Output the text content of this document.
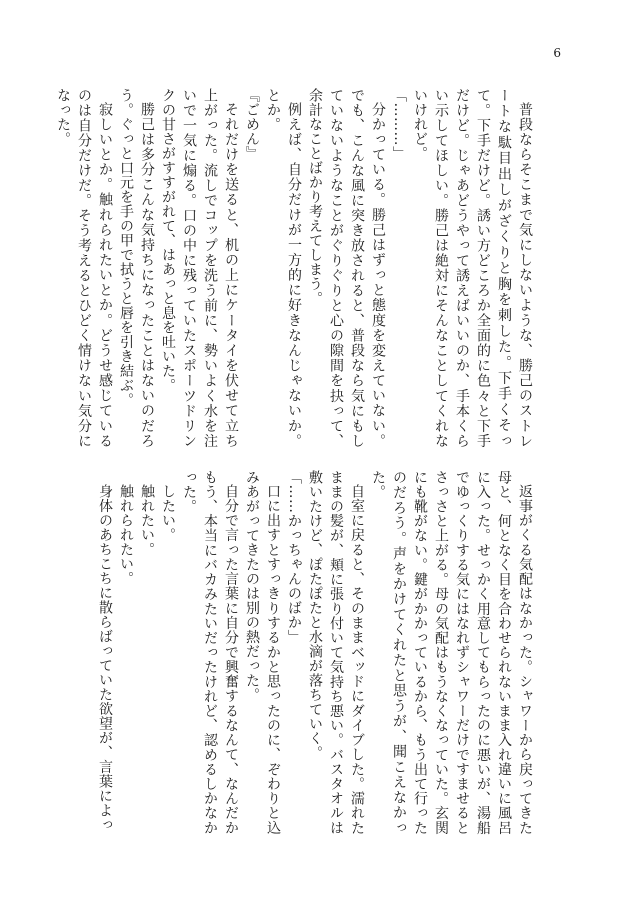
6

普段ならそこまで気にしないような、勝己のストレートな駄目出しがざくりと胸を刺した。下手くそって。下手だけど。誘い方どころか全面的に色々と下手だけど。じゃあどうやって誘えばいいのか、手本くらい示してほしい。勝己は絶対にそんなことしてくれないけれど。

「………」

分かっている。勝己はずっと態度を変えていない。でも、こんな風に突き放されると、普段なら気にもしていないようなことがぐりぐりと心の隙間を抉って、余計なことばかり考えてしまう。

例えば、自分だけが一方的に好きなんじゃないか。とか。

『ごめん』

それだけを送ると、机の上にケータイを伏せて立ち上がった。流しでコップを洗う前に、勢いよく水を注いで一気に煽る。口の中に残っていたスポーツドリンクの甘さがすすがれて、はあっと息を吐いた。

勝己は多分こんな気持ちになったことはないのだろう。ぐっと口元を手の甲で拭うと唇を引き結ぶ。

寂しいとか。触れられたいとか。どうせ感じているのは自分だけだ。そう考えるとひどく情けない気分になった。

返事がくる気配はなかった。シャワーから戻ってきた母と、何となく目を合わせられないまま入れ違いに風呂に入った。せっかく用意してもらったのに悪いが、湯船でゆっくりする気にはなれずシャワーだけですませるとさっさと上がる。母の気配はもうなくなっていた。玄関にも靴がない。鍵がかかっているから、もう出て行ったのだろう。声をかけてくれたと思うが、聞こえなかった。

自室に戻ると、そのままベッドにダイブした。濡れたままの髪が、頬に張り付いて気持ち悪い。バスタオルは敷いたけど、ぽたぽたと水滴が落ちていく。

「……かっちゃんのばか」

口に出すとすっきりするかと思ったのに、ぞわりと込みあがってきたのは別の熱だった。

自分で言った言葉に自分で興奮するなんて、なんだかもう、本当にバカみたいだったけれど、認めるしかなかった。

したい。

触れたい。

触れられたい。

身体のあちこちに散らばっていた欲望が、言葉によっ
